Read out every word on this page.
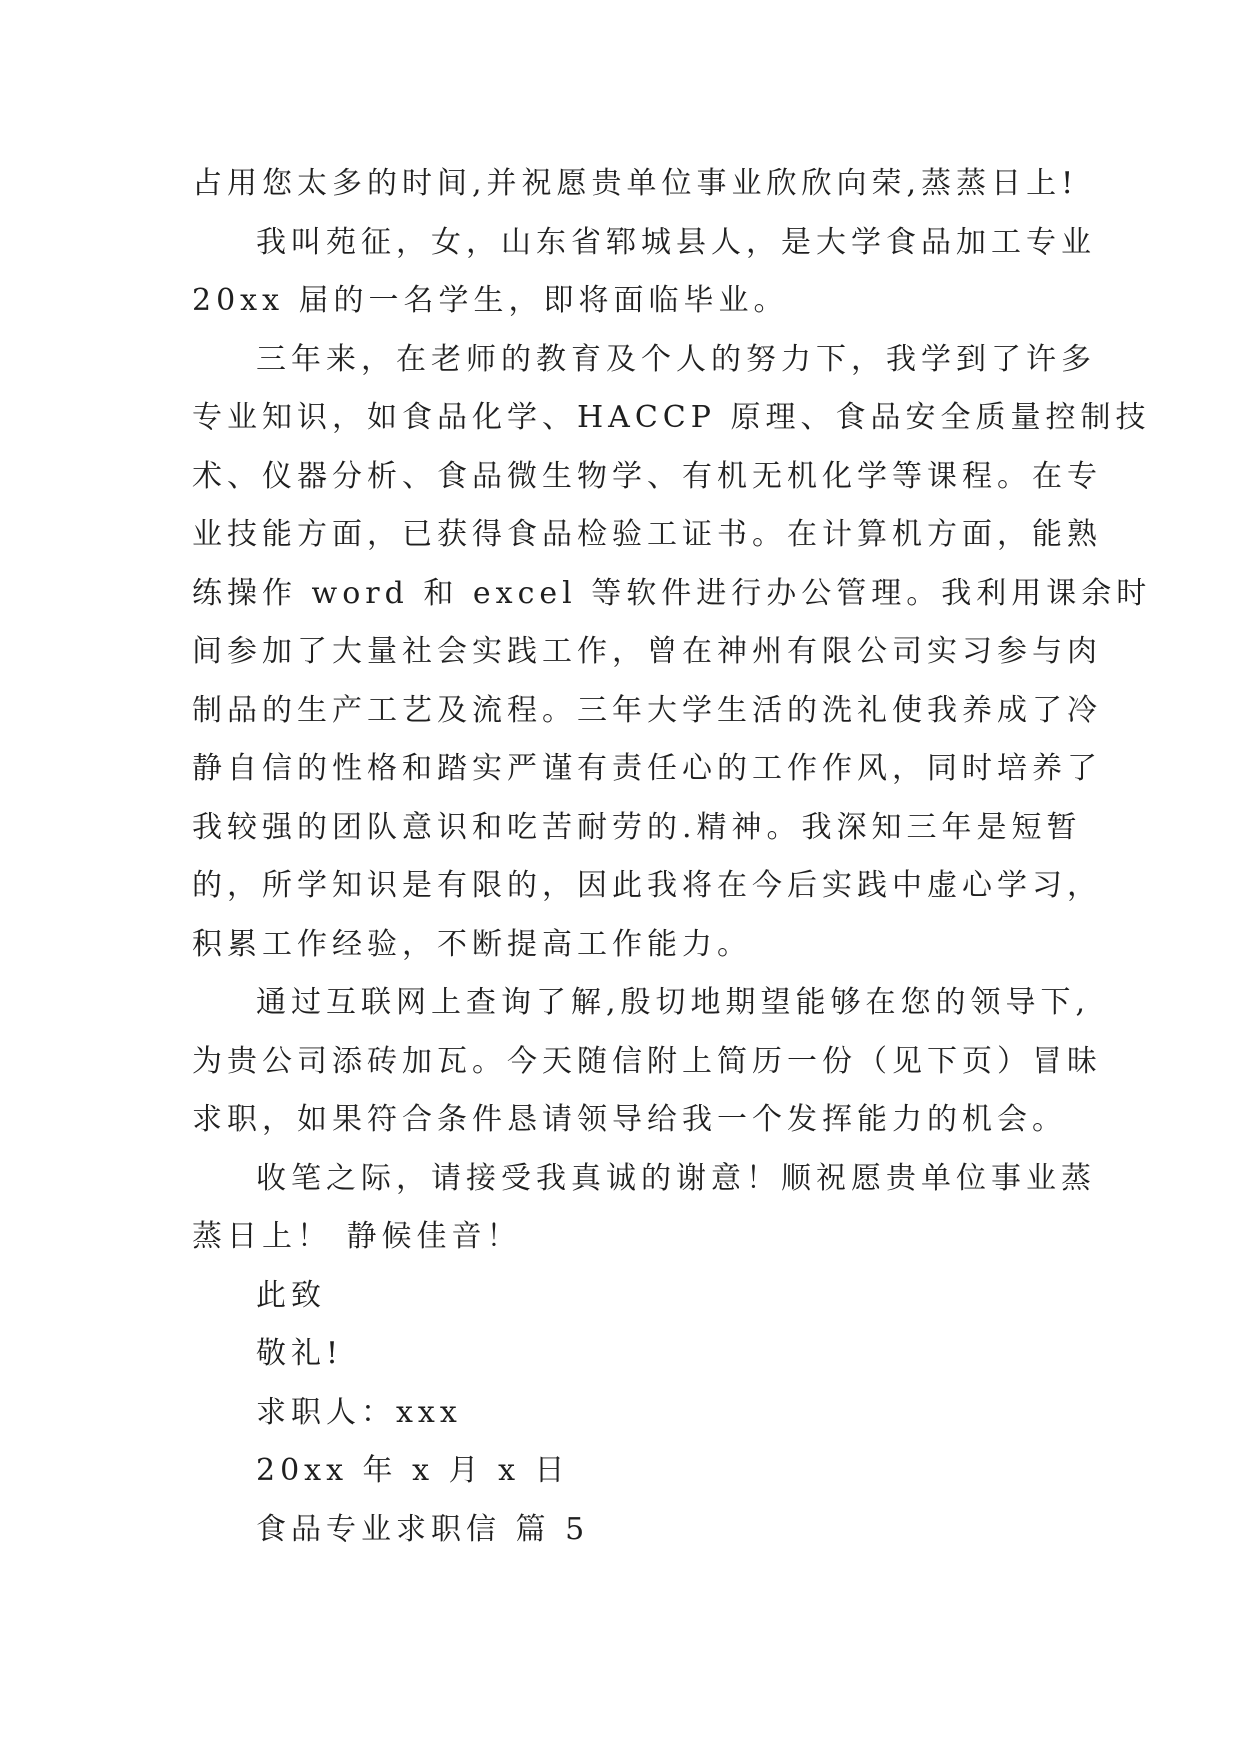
占用您太多的时间,并祝愿贵单位事业欣欣向荣,蒸蒸日上!
我叫苑征，女，山东省郓城县人，是大学食品加工专业
20xx 届的一名学生，即将面临毕业。
三年来，在老师的教育及个人的努力下，我学到了许多
专业知识，如食品化学、HACCP 原理、食品安全质量控制技
术、仪器分析、食品微生物学、有机无机化学等课程。在专
业技能方面，已获得食品检验工证书。在计算机方面，能熟
练操作 word 和 excel 等软件进行办公管理。我利用课余时
间参加了大量社会实践工作，曾在神州有限公司实习参与肉
制品的生产工艺及流程。三年大学生活的洗礼使我养成了冷
静自信的性格和踏实严谨有责任心的工作作风，同时培养了
我较强的团队意识和吃苦耐劳的.精神。我深知三年是短暂
的，所学知识是有限的，因此我将在今后实践中虚心学习，
积累工作经验，不断提高工作能力。
通过互联网上查询了解,殷切地期望能够在您的领导下,
为贵公司添砖加瓦。今天随信附上简历一份（见下页）冒昧
求职，如果符合条件恳请领导给我一个发挥能力的机会。
收笔之际，请接受我真诚的谢意！顺祝愿贵单位事业蒸
蒸日上！ 静候佳音！
此致
敬礼!
求职人：xxx
20xx 年 x 月 x 日
食品专业求职信 篇 5
